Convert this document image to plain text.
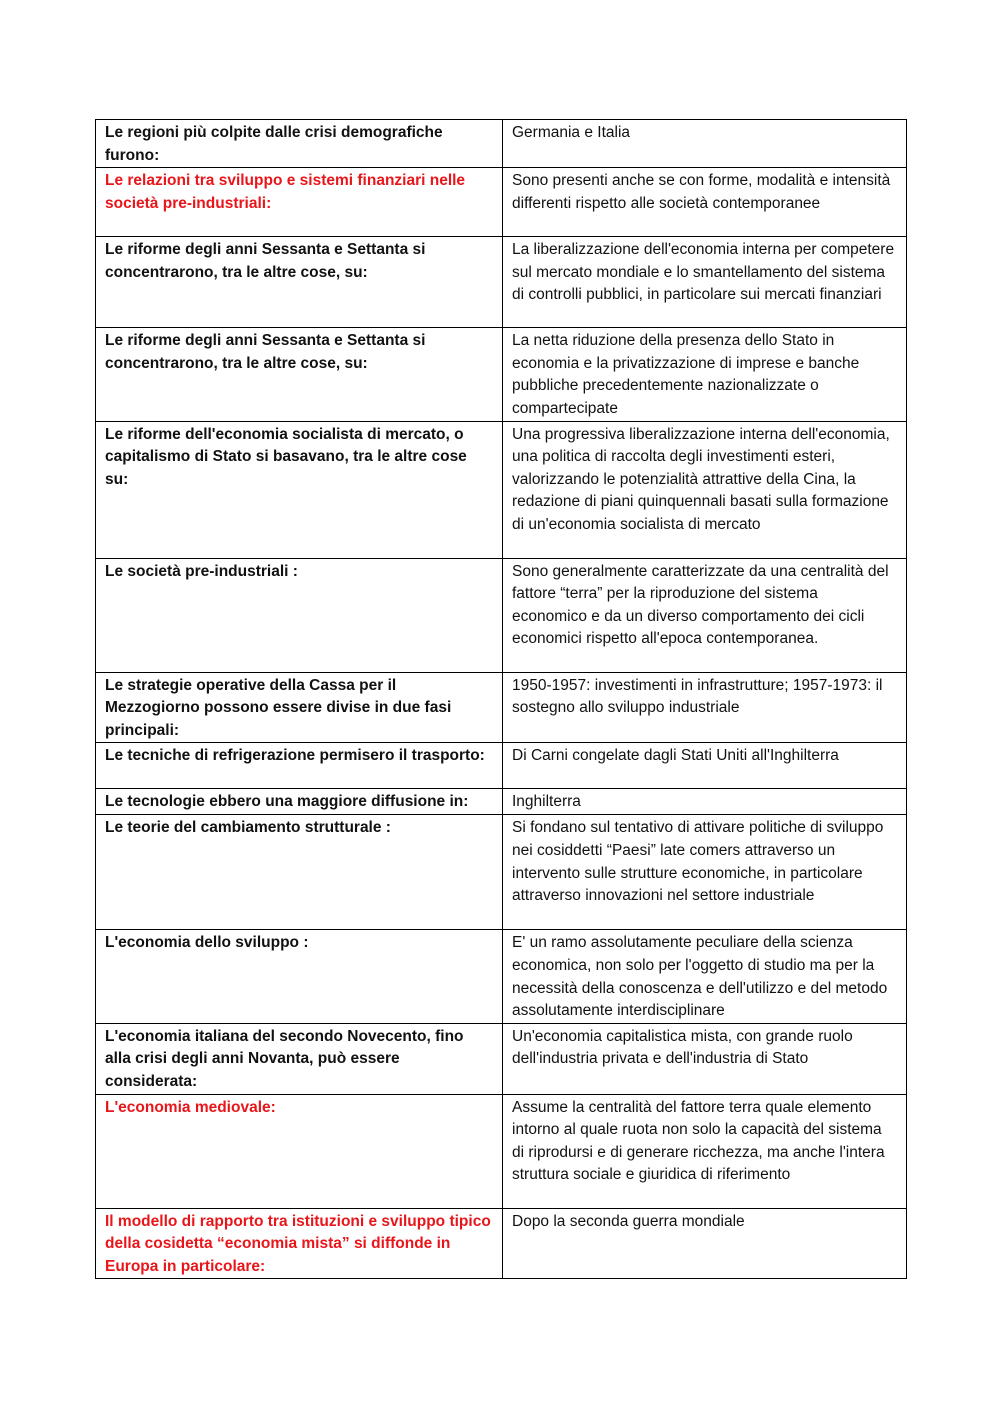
Le regioni più colpite dalle crisi demografiche furono:	Germania e Italia
Le relazioni tra sviluppo e sistemi finanziari nelle società pre-industriali:	Sono presenti anche se con forme, modalità e intensità differenti rispetto alle società contemporanee
Le riforme degli anni Sessanta e Settanta si concentrarono, tra le altre cose, su:	La liberalizzazione dell'economia interna per competere sul mercato mondiale e lo smantellamento del sistema di controlli pubblici, in particolare sui mercati finanziari
Le riforme degli anni Sessanta e Settanta si concentrarono, tra le altre cose, su:	La netta riduzione della presenza dello Stato in economia e la privatizzazione di imprese e banche pubbliche precedentemente nazionalizzate o compartecipate
Le riforme dell'economia socialista di mercato, o capitalismo di Stato si basavano, tra le altre cose su:	Una progressiva liberalizzazione interna dell'economia, una politica di raccolta degli investimenti esteri, valorizzando le potenzialità attrattive della Cina, la redazione di piani quinquennali basati sulla formazione di un'economia socialista di mercato
Le società pre-industriali :	Sono generalmente caratterizzate da una centralità del fattore “terra” per la riproduzione del sistema economico e da un diverso comportamento dei cicli economici rispetto all'epoca contemporanea.
Le strategie operative della Cassa per il Mezzogiorno possono essere divise in due fasi principali:	1950-1957: investimenti in infrastrutture; 1957-1973: il sostegno allo sviluppo industriale
Le tecniche di refrigerazione permisero il trasporto:	Di Carni congelate dagli Stati Uniti all'Inghilterra
Le tecnologie ebbero una maggiore diffusione in:	Inghilterra
Le teorie del cambiamento strutturale :	Si fondano sul tentativo di attivare politiche di sviluppo nei cosiddetti “Paesi” late comers attraverso un intervento sulle strutture economiche, in particolare attraverso innovazioni nel settore industriale
L'economia dello sviluppo :	E' un ramo assolutamente peculiare della scienza economica, non solo per l'oggetto di studio ma per la necessità della conoscenza e dell'utilizzo e del metodo assolutamente interdisciplinare
L'economia italiana del secondo Novecento, fino alla crisi degli anni Novanta, può essere considerata:	Un'economia capitalistica mista, con grande ruolo dell'industria privata e dell'industria di Stato
L'economia mediovale:	Assume la centralità del fattore terra quale elemento intorno al quale ruota non solo la capacità del sistema di riprodursi e di generare ricchezza, ma anche l'intera struttura sociale e giuridica di riferimento
Il modello di rapporto tra istituzioni e sviluppo tipico della cosidetta “economia mista” si diffonde in Europa in particolare:	Dopo la seconda guerra mondiale
